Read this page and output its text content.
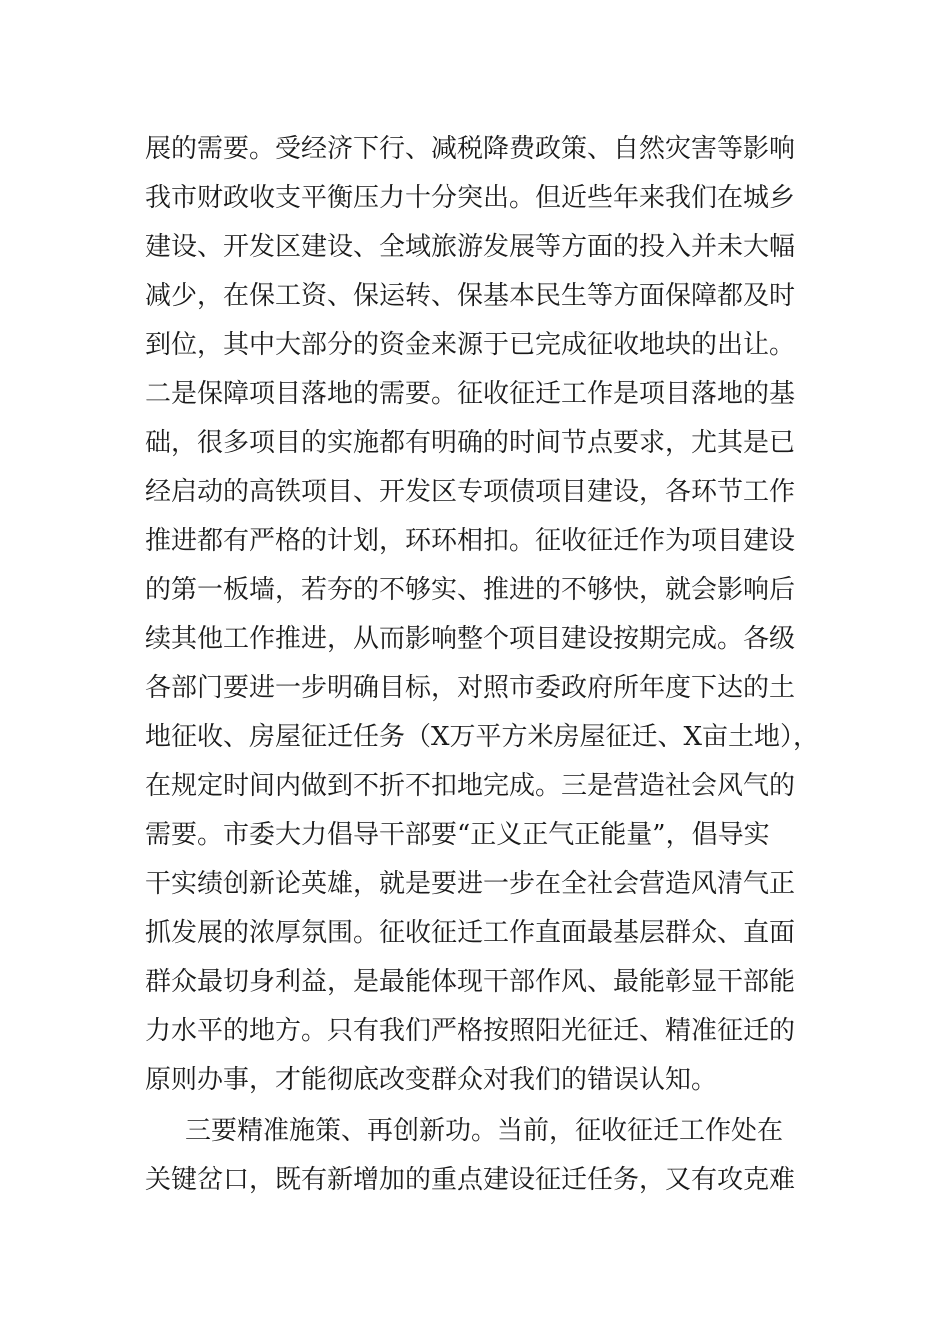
展的需要。受经济下行、减税降费政策、自然灾害等影响
我市财政收支平衡压力十分突出。但近些年来我们在城乡
建设、开发区建设、全域旅游发展等方面的投入并未大幅
减少，在保工资、保运转、保基本民生等方面保障都及时
到位，其中大部分的资金来源于已完成征收地块的出让。
二是保障项目落地的需要。征收征迁工作是项目落地的基
础，很多项目的实施都有明确的时间节点要求，尤其是已
经启动的高铁项目、开发区专项债项目建设，各环节工作
推进都有严格的计划，环环相扣。征收征迁作为项目建设
的第一板墙，若夯的不够实、推进的不够快，就会影响后
续其他工作推进，从而影响整个项目建设按期完成。各级
各部门要进一步明确目标，对照市委政府所年度下达的土
地征收、房屋征迁任务（X万平方米房屋征迁、X亩土地），
在规定时间内做到不折不扣地完成。三是营造社会风气的
需要。市委大力倡导干部要“正义正气正能量”，倡导实
干实绩创新论英雄，就是要进一步在全社会营造风清气正
抓发展的浓厚氛围。征收征迁工作直面最基层群众、直面
群众最切身利益，是最能体现干部作风、最能彰显干部能
力水平的地方。只有我们严格按照阳光征迁、精准征迁的
原则办事，才能彻底改变群众对我们的错误认知。
三要精准施策、再创新功。当前，征收征迁工作处在
关键岔口，既有新增加的重点建设征迁任务，又有攻克难
